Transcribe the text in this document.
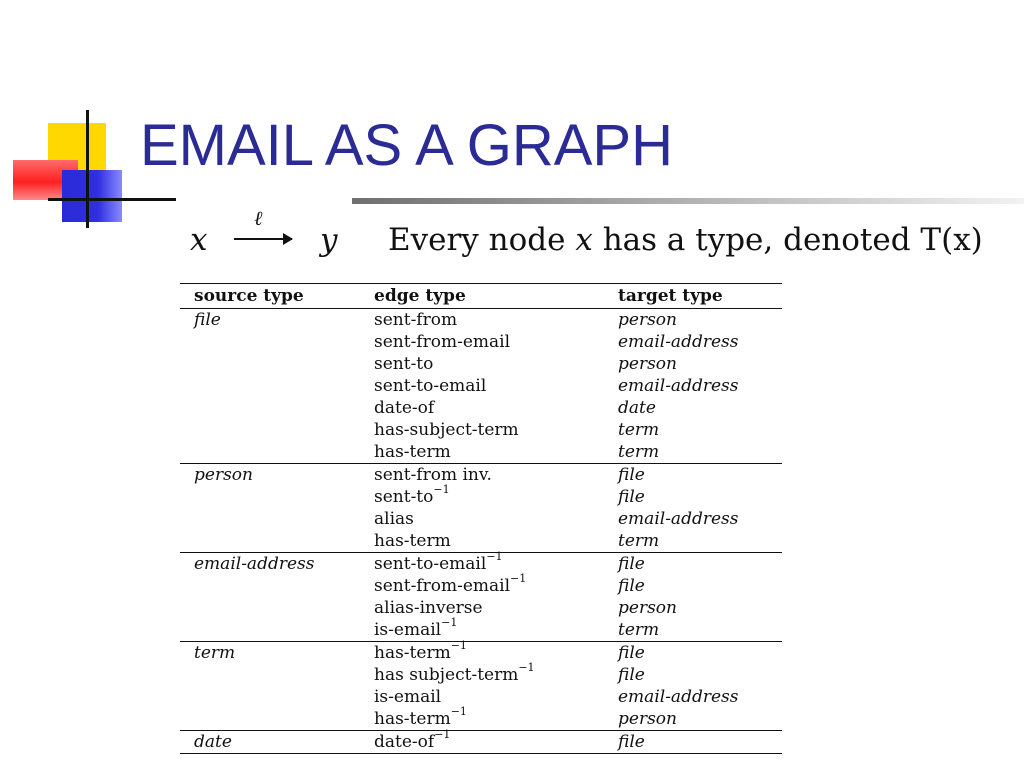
EMAIL AS A GRAPH
x
ℓ
y Every node x has a type, denoted T(x)
source type	edge type	target type
file	sent-from	person
	sent-from-email	email-address
	sent-to	person
	sent-to-email	email-address
	date-of	date
	has-subject-term	term
	has-term	term
person	sent-from inv.	file
	sent-$to^{-1}$	file
	alias	email-address
	has-term	term
email-address	sent-to-email$^{-1}$	file
	sent-from-email$^{-1}$	file
	alias-inverse	person
	is-email$^{-1}$	term
term	has-term$^{-1}$	file
	has subject-term$^{-1}$	file
	is-email	email-address
	has-term$^{-1}$	person
date	date-$of^{-1}$	file
